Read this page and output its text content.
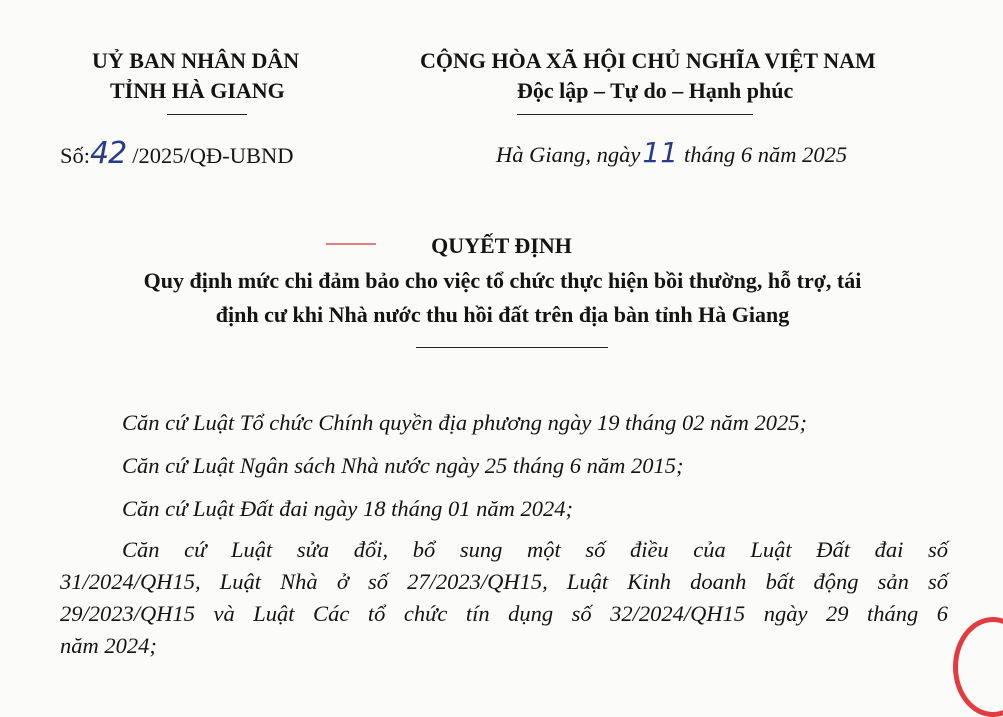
UỶ BAN NHÂN DÂN
TỈNH HÀ GIANG
CỘNG HÒA XÃ HỘI CHỦ NGHĨA VIỆT NAM
Độc lập – Tự do – Hạnh phúc
Số:42 /2025/QĐ-UBND	Hà Giang, ngày11 tháng 6 năm 2025
QUYẾT ĐỊNH
Quy định mức chi đảm bảo cho việc tổ chức thực hiện bồi thường, hỗ trợ, tái
định cư khi Nhà nước thu hồi đất trên địa bàn tỉnh Hà Giang
Căn cứ Luật Tổ chức Chính quyền địa phương ngày 19 tháng 02 năm 2025;
Căn cứ Luật Ngân sách Nhà nước ngày 25 tháng 6 năm 2015;
Căn cứ Luật Đất đai ngày 18 tháng 01 năm 2024;
Căn cứ Luật sửa đổi, bổ sung một số điều của Luật Đất đai số
31/2024/QH15, Luật Nhà ở số 27/2023/QH15, Luật Kinh doanh bất động sản số
29/2023/QH15 và Luật Các tổ chức tín dụng số 32/2024/QH15 ngày 29 tháng 6
năm 2024;
